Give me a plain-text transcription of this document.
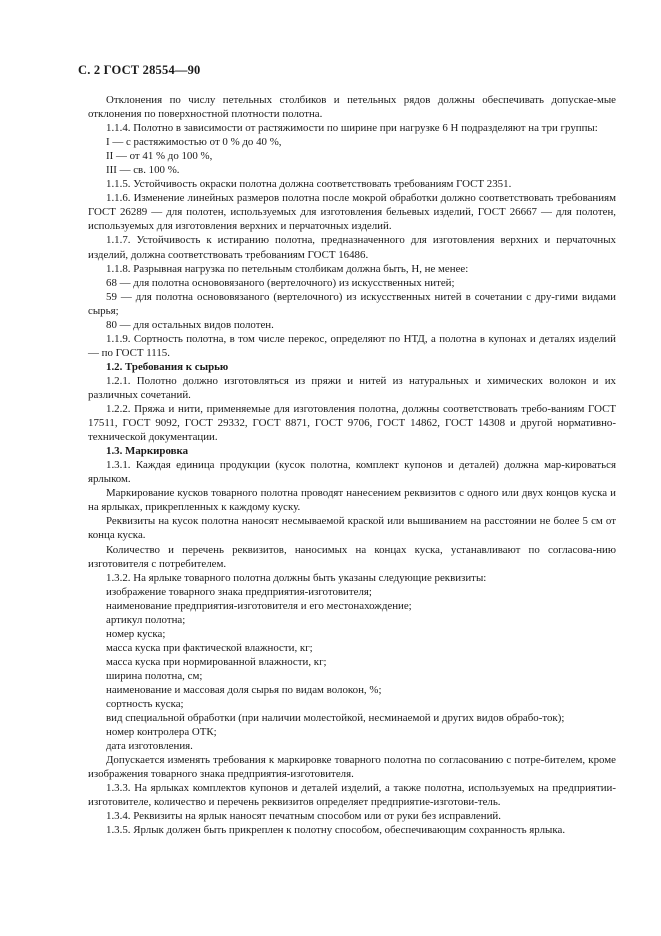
С. 2 ГОСТ 28554—90

Отклонения по числу петельных столбиков и петельных рядов должны обеспечивать допускае-мые отклонения по поверхностной плотности полотна.

1.1.4. Полотно в зависимости от растяжимости по ширине при нагрузке 6 Н подразделяют на три группы:

I — с растяжимостью от 0 % до 40 %,

II — от 41 % до 100 %,

III — св. 100 %.

1.1.5. Устойчивость окраски полотна должна соответствовать требованиям ГОСТ 2351.

1.1.6. Изменение линейных размеров полотна после мокрой обработки должно соответствовать требованиям ГОСТ 26289 — для полотен, используемых для изготовления бельевых изделий, ГОСТ 26667 — для полотен, используемых для изготовления верхних и перчаточных изделий.

1.1.7. Устойчивость к истиранию полотна, предназначенного для изготовления верхних и перчаточных изделий, должна соответствовать требованиям ГОСТ 16486.

1.1.8. Разрывная нагрузка по петельным столбикам должна быть, Н, не менее:

68 — для полотна основовязаного (вертелочного) из искусственных нитей;

59 — для полотна основовязаного (вертелочного) из искусственных нитей в сочетании с дру-гими видами сырья;

80 — для остальных видов полотен.

1.1.9. Сортность полотна, в том числе перекос, определяют по НТД, а полотна в купонах и деталях изделий — по ГОСТ 1115.

1.2. Требования к сырью

1.2.1. Полотно должно изготовляться из пряжи и нитей из натуральных и химических волокон и их различных сочетаний.

1.2.2. Пряжа и нити, применяемые для изготовления полотна, должны соответствовать требо-ваниям ГОСТ 17511, ГОСТ 9092, ГОСТ 29332, ГОСТ 8871, ГОСТ 9706, ГОСТ 14862, ГОСТ 14308 и другой нормативно-технической документации.

1.3. Маркировка

1.3.1. Каждая единица продукции (кусок полотна, комплект купонов и деталей) должна мар-кироваться ярлыком.

Маркирование кусков товарного полотна проводят нанесением реквизитов с одного или двух концов куска и на ярлыках, прикрепленных к каждому куску.

Реквизиты на кусок полотна наносят несмываемой краской или вышиванием на расстоянии не более 5 см от конца куска.

Количество и перечень реквизитов, наносимых на концах куска, устанавливают по согласова-нию изготовителя с потребителем.

1.3.2. На ярлыке товарного полотна должны быть указаны следующие реквизиты:

изображение товарного знака предприятия-изготовителя;

наименование предприятия-изготовителя и его местонахождение;

артикул полотна;

номер куска;

масса куска при фактической влажности, кг;

масса куска при нормированной влажности, кг;

ширина полотна, см;

наименование и массовая доля сырья по видам волокон, %;

сортность куска;

вид специальной обработки (при наличии молестойкой, несминаемой и других видов обрабо-ток);

номер контролера ОТК;

дата изготовления.

Допускается изменять требования к маркировке товарного полотна по согласованию с потре-бителем, кроме изображения товарного знака предприятия-изготовителя.

1.3.3. На ярлыках комплектов купонов и деталей изделий, а также полотна, используемых на предприятии-изготовителе, количество и перечень реквизитов определяет предприятие-изготови-тель.

1.3.4. Реквизиты на ярлык наносят печатным способом или от руки без исправлений.

1.3.5. Ярлык должен быть прикреплен к полотну способом, обеспечивающим сохранность ярлыка.
